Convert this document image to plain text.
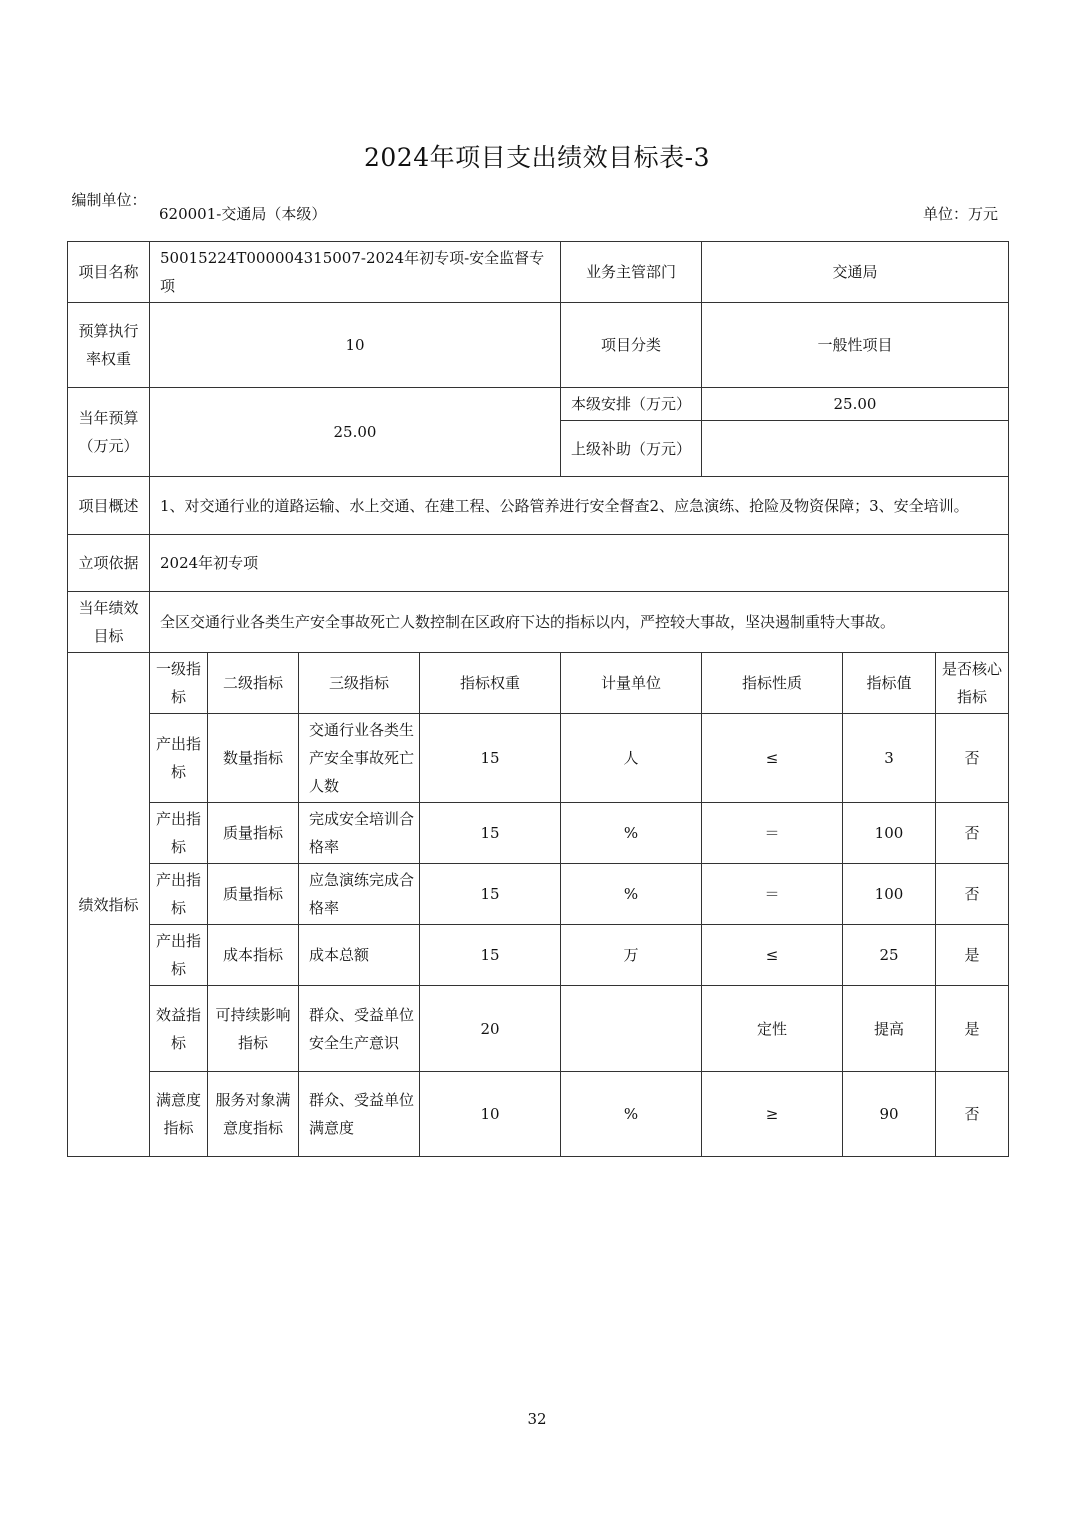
2024年项目支出绩效目标表-3
编制单位：
620001-交通局（本级）	单位：万元
项目名称	50015224T000004315007-2024年初专项-安全监督专项				业务主管部门	交通局		
预算执行率权重	10				项目分类	一般性项目		
当年预算（万元）	25.00				本级安排（万元）	25.00		
					上级补助（万元）			
项目概述	1、对交通行业的道路运输、水上交通、在建工程、公路管养进行安全督查2、应急演练、抢险及物资保障；3、安全培训。							
立项依据	2024年初专项							
当年绩效目标	全区交通行业各类生产安全事故死亡人数控制在区政府下达的指标以内，严控较大事故，坚决遏制重特大事故。							
绩效指标	一级指标	二级指标	三级指标	指标权重	计量单位	指标性质	指标值	是否核心指标
	产出指标	数量指标	交通行业各类生产安全事故死亡人数	15	人	≤	3	否
	产出指标	质量指标	完成安全培训合格率	15	%	＝	100	否
	产出指标	质量指标	应急演练完成合格率	15	%	＝	100	否
	产出指标	成本指标	成本总额	15	万	≤	25	是
	效益指标	可持续影响指标	群众、受益单位安全生产意识	20		定性	提高	是
	满意度指标	服务对象满意度指标	群众、受益单位满意度	10	%	≥	90	否
32
